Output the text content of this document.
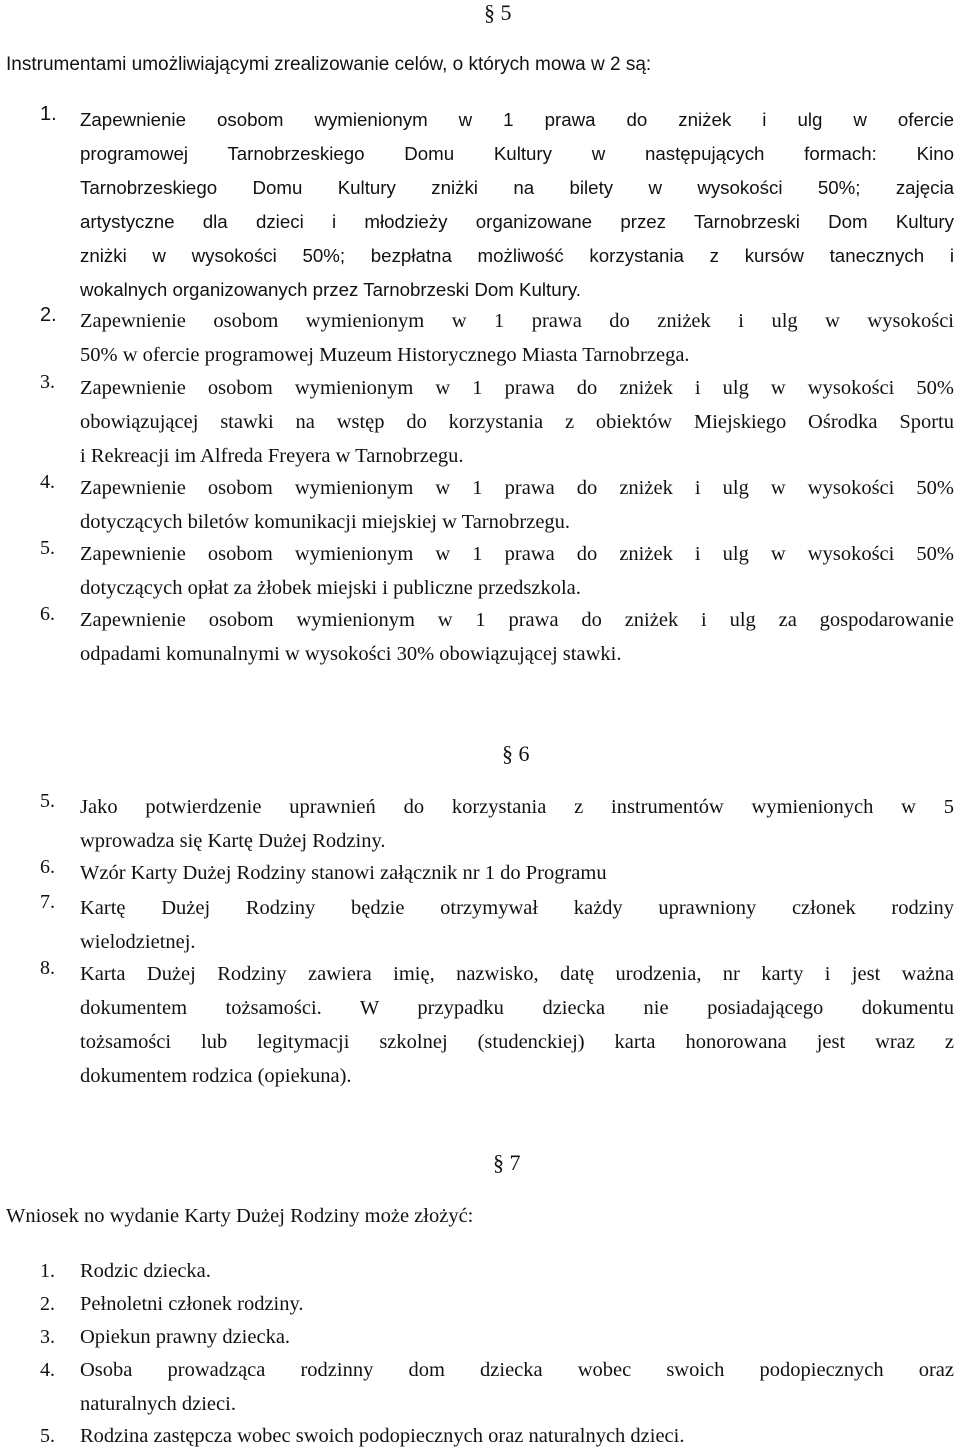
§ 5
Instrumentami umożliwiającymi zrealizowanie celów, o których mowa w 2 są:
1.	Zapewnienie osobom wymienionym w 1 prawa do zniżek i ulg w ofercie
programowej Tarnobrzeskiego Domu Kultury w następujących formach: Kino
Tarnobrzeskiego Domu Kultury zniżki na bilety w wysokości 50%; zajęcia
artystyczne dla dzieci i młodzieży organizowane przez Tarnobrzeski Dom Kultury
zniżki w wysokości 50%; bezpłatna możliwość korzystania z kursów tanecznych i
wokalnych organizowanych przez Tarnobrzeski Dom Kultury.
2.	Zapewnienie osobom wymienionym w 1 prawa do zniżek i ulg w wysokości
50% w ofercie programowej Muzeum Historycznego Miasta Tarnobrzega.
3.	Zapewnienie osobom wymienionym w 1 prawa do zniżek i ulg w wysokości 50%
obowiązującej stawki na wstęp do korzystania z obiektów Miejskiego Ośrodka Sportu
i Rekreacji im Alfreda Freyera w Tarnobrzegu.
4.	Zapewnienie osobom wymienionym w 1 prawa do zniżek i ulg w wysokości 50%
dotyczących biletów komunikacji miejskiej w Tarnobrzegu.
5.	Zapewnienie osobom wymienionym w 1 prawa do zniżek i ulg w wysokości 50%
dotyczących opłat za żłobek miejski i publiczne przedszkola.
6.	Zapewnienie osobom wymienionym w 1 prawa do zniżek i ulg za gospodarowanie
odpadami komunalnymi w wysokości 30% obowiązującej stawki.
§ 6
5.	Jako potwierdzenie uprawnień do korzystania z instrumentów wymienionych w 5
wprowadza się Kartę Dużej Rodziny.
6.	Wzór Karty Dużej Rodziny stanowi załącznik nr 1 do Programu
7.	Kartę Dużej Rodziny będzie otrzymywał każdy uprawniony członek rodziny
wielodzietnej.
8.	Karta Dużej Rodziny zawiera imię, nazwisko, datę urodzenia, nr karty i jest ważna
dokumentem tożsamości. W przypadku dziecka nie posiadającego dokumentu
tożsamości lub legitymacji szkolnej (studenckiej) karta honorowana jest wraz z
dokumentem rodzica (opiekuna).
§ 7
Wniosek no wydanie Karty Dużej Rodziny może złożyć:
1.	Rodzic dziecka.
2.	Pełnoletni członek rodziny.
3.	Opiekun prawny dziecka.
4.	Osoba prowadząca rodzinny dom dziecka wobec swoich podopiecznych oraz
naturalnych dzieci.
5.	Rodzina zastępcza wobec swoich podopiecznych oraz naturalnych dzieci.
